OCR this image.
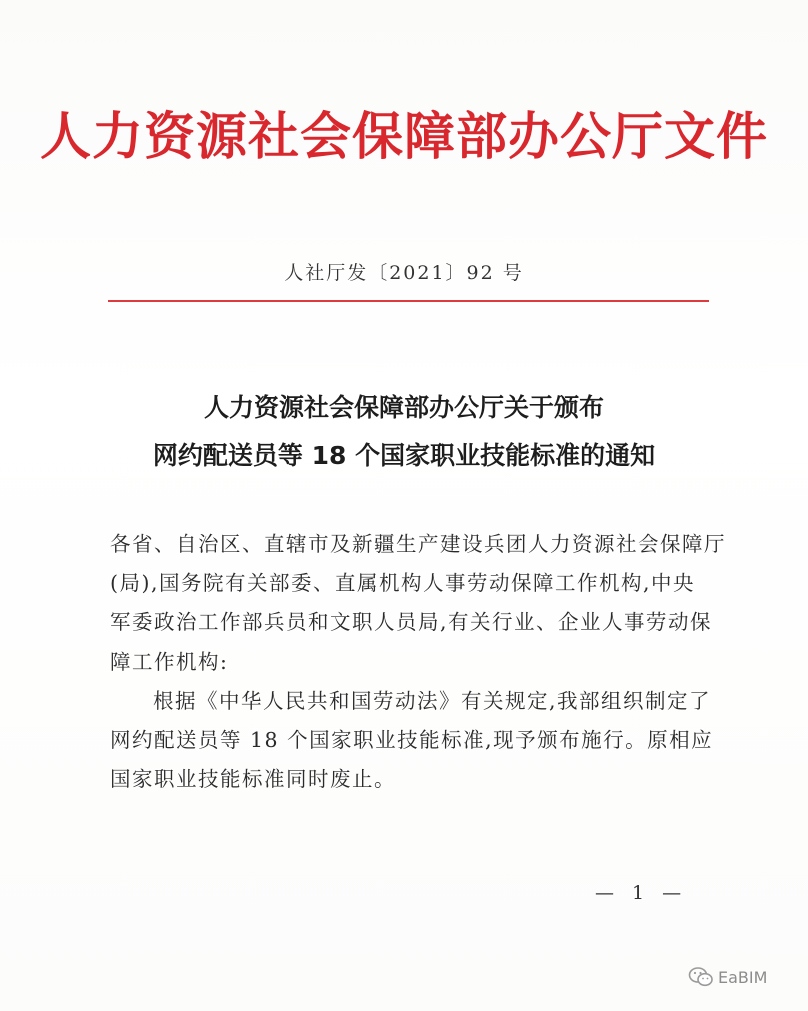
人力资源社会保障部办公厅文件
人社厅发〔2021〕92 号
人力资源社会保障部办公厅关于颁布
网约配送员等 18 个国家职业技能标准的通知

各省、自治区、直辖市及新疆生产建设兵团人力资源社会保障厅

(局),国务院有关部委、直属机构人事劳动保障工作机构,中央

军委政治工作部兵员和文职人员局,有关行业、企业人事劳动保

障工作机构:

根据《中华人民共和国劳动法》有关规定,我部组织制定了

网约配送员等 18 个国家职业技能标准,现予颁布施行。原相应

国家职业技能标准同时废止。

— 1 —
EaBIM
